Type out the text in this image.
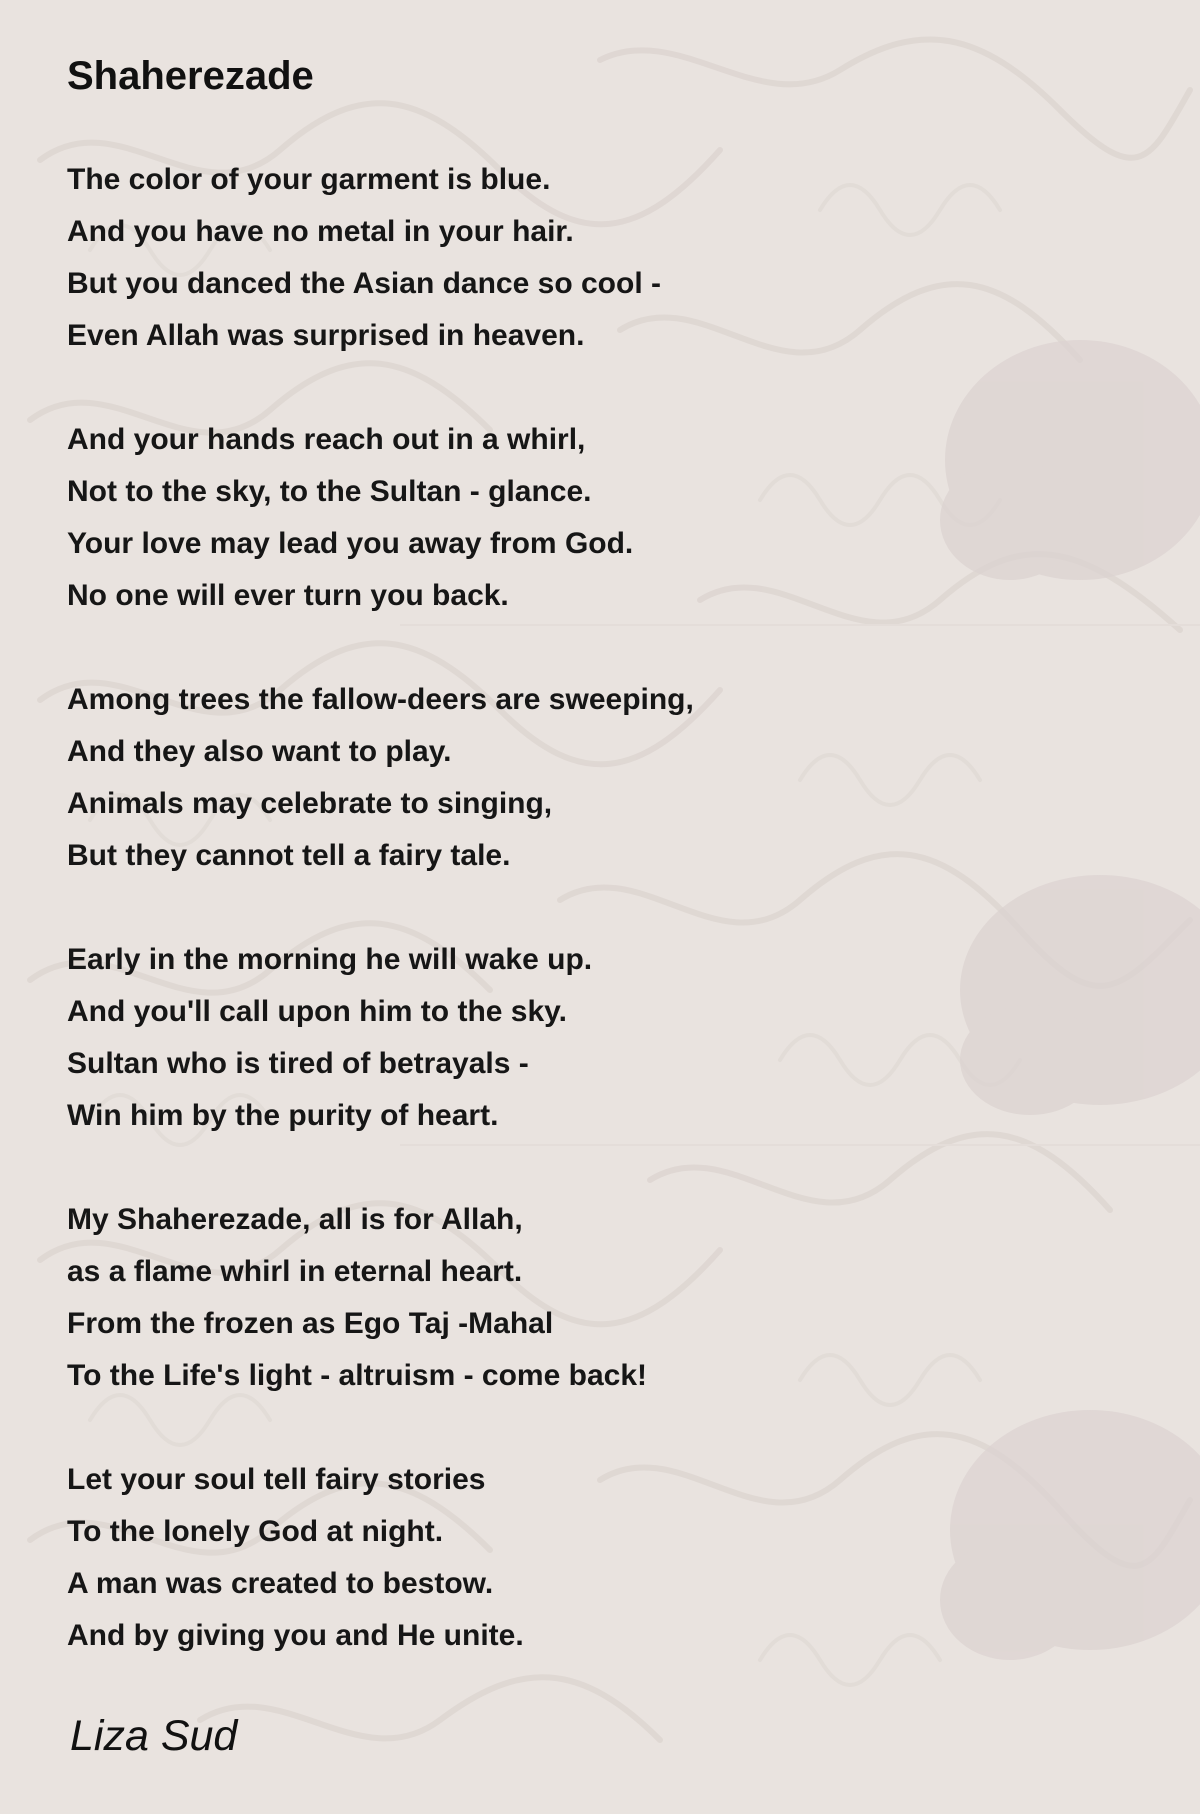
Shaherezade
The color of your garment is blue.
And you have no metal in your hair.
But you danced the Asian dance so cool -
Even Allah was surprised in heaven.
And your hands reach out in a whirl,
Not to the sky, to the Sultan - glance.
Your love may lead you away from God.
No one will ever turn you back.
Among trees the fallow-deers are sweeping,
And they also want to play.
Animals may celebrate to singing,
But they cannot tell a fairy tale.
Early in the morning he will wake up.
And you'll call upon him to the sky.
Sultan who is tired of betrayals -
Win him by the purity of heart.
My Shaherezade, all is for Allah,
as a flame whirl in eternal heart.
From the frozen as Ego Taj -Mahal
To the Life's light - altruism - come back!
Let your soul tell fairy stories
To the lonely God at night.
A man was created to bestow.
And by giving you and He unite.
Liza Sud
